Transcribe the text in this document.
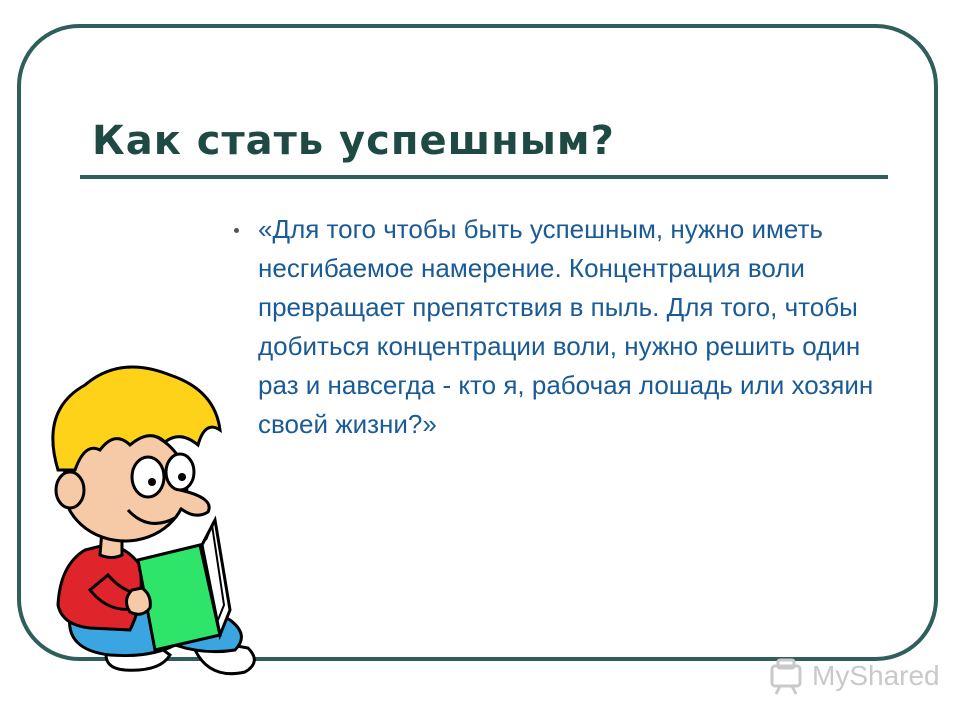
Как стать успешным?

«Для того чтобы быть успешным, нужно иметь несгибаемое намерение. Концентрация воли превращает препятствия в пыль. Для того, чтобы добиться концентрации воли, нужно решить один раз и навсегда - кто я, рабочая лошадь или хозяин своей жизни?»

MyShared
